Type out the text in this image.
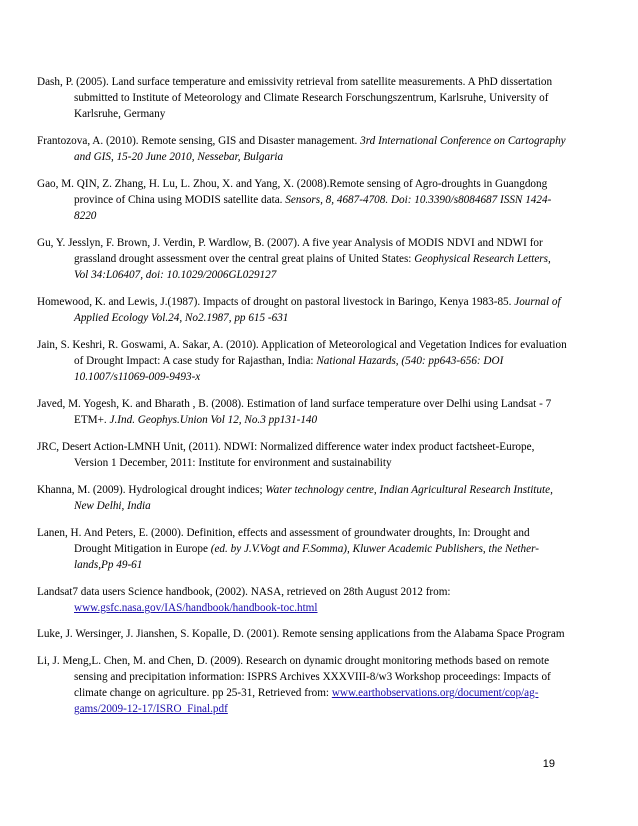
Dash, P. (2005). Land surface temperature and emissivity retrieval from satellite measurements. A PhD dissertation submitted to Institute of Meteorology and Climate Research Forschungszentrum, Karlsruhe, University of Karlsruhe, Germany

Frantozova, A. (2010). Remote sensing, GIS and Disaster management. 3rd International Conference on Cartography and GIS, 15-20 June 2010, Nessebar, Bulgaria

Gao, M. QIN, Z. Zhang, H. Lu, L. Zhou, X. and Yang, X. (2008).Remote sensing of Agro-droughts in Guangdong province of China using MODIS satellite data. Sensors, 8, 4687-4708. Doi: 10.3390/s8084687 ISSN 1424-8220

Gu, Y. Jesslyn, F. Brown, J. Verdin, P. Wardlow, B. (2007). A five year Analysis of MODIS NDVI and NDWI for grassland drought assessment over the central great plains of United States: Geophysical Research Letters, Vol 34:L06407, doi: 10.1029/2006GL029127

Homewood, K. and Lewis, J.(1987). Impacts of drought on pastoral livestock in Baringo, Kenya 1983-85. Journal of Applied Ecology Vol.24, No2.1987, pp 615 -631

Jain, S. Keshri, R. Goswami, A. Sakar, A. (2010). Application of Meteorological and Vegetation Indices for evaluation of Drought Impact: A case study for Rajasthan, India: National Hazards, (540: pp643-656: DOI 10.1007/s11069-009-9493-x

Javed, M. Yogesh, K. and Bharath , B. (2008). Estimation of land surface temperature over Delhi using Landsat - 7 ETM+. J.Ind. Geophys.Union Vol 12, No.3 pp131-140

JRC, Desert Action-LMNH Unit, (2011). NDWI: Normalized difference water index product factsheet-Europe, Version 1 December, 2011: Institute for environment and sustainability

Khanna, M. (2009). Hydrological drought indices; Water technology centre, Indian Agricultural Research Institute, New Delhi, India

Lanen, H. And Peters, E. (2000). Definition, effects and assessment of groundwater droughts, In: Drought and Drought Mitigation in Europe (ed. by J.V.Vogt and F.Somma), Kluwer Academic Publishers, the Nether-lands,Pp 49-61

Landsat7 data users Science handbook, (2002). NASA, retrieved on 28th August 2012 from: www.gsfc.nasa.gov/IAS/handbook/handbook-toc.html

Luke, J. Wersinger, J. Jianshen, S. Kopalle, D. (2001). Remote sensing applications from the Alabama Space Program

Li, J. Meng,L. Chen, M. and Chen, D. (2009). Research on dynamic drought monitoring methods based on remote sensing and precipitation information: ISPRS Archives XXXVIII-8/w3 Workshop proceedings: Impacts of climate change on agriculture. pp 25-31, Retrieved from: www.earthobservations.org/document/cop/ag-gams/2009-12-17/ISRO_Final.pdf

19
